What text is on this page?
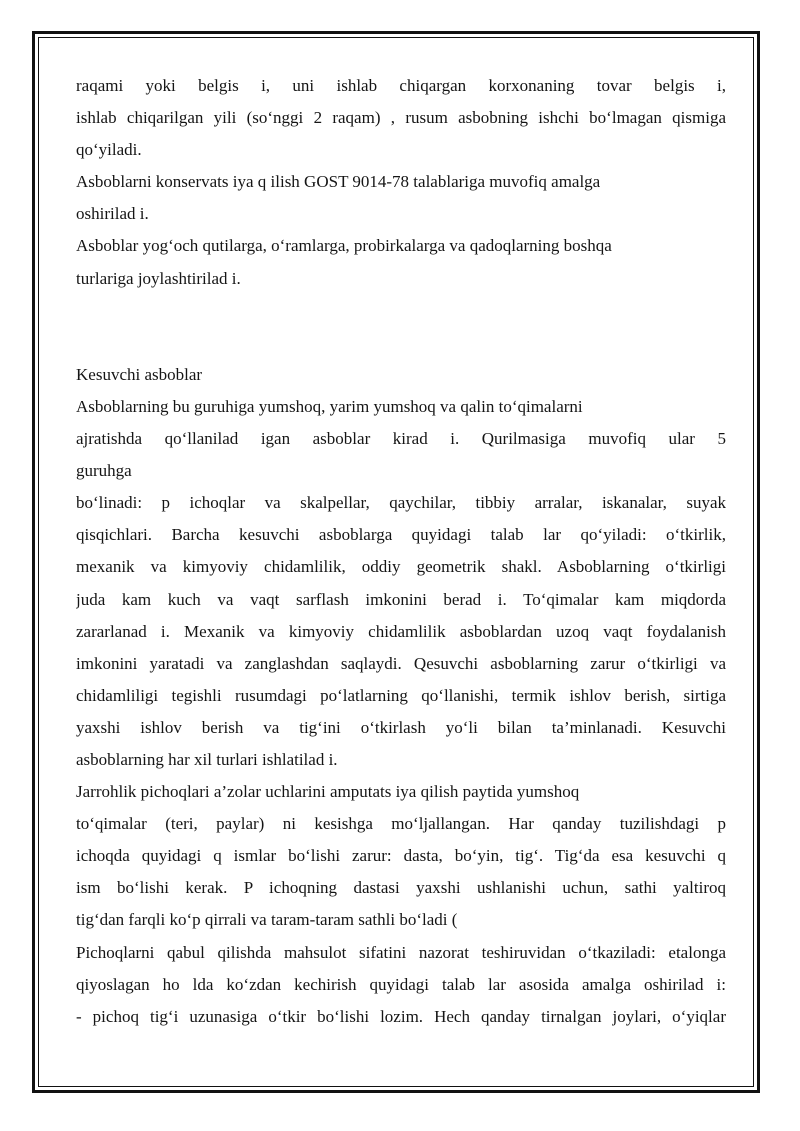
raqami yoki belgis i, uni ishlab chiqargan korxonaning tovar belgis i,
ishlab chiqarilgan yili (so‘nggi 2 raqam) , rusum asbobning ishchi bo‘lmagan qismiga
qo‘yiladi.
Asboblarni konservats iya q ilish GOST 9014-78 talablariga muvofiq amalga
oshirilad i.
Asboblar yog‘och qutilarga, o‘ramlarga, probirkalarga va qadoqlarning boshqa
turlariga joylashtirilad i.
Kesuvchi asboblar
Asboblarning bu guruhiga yumshoq, yarim yumshoq va qalin to‘qimalarni
ajratishda qo‘llanilad igan asboblar kirad i. Qurilmasiga muvofiq ular 5
guruhga
bo‘linadi: p ichoqlar va skalpellar, qaychilar, tibbiy arralar, iskanalar, suyak
qisqichlari. Barcha kesuvchi asboblarga quyidagi talab lar qo‘yiladi: o‘tkirlik,
mexanik va kimyoviy chidamlilik, oddiy geometrik shakl. Asboblarning o‘tkirligi
juda kam kuch va vaqt sarflash imkonini berad i. To‘qimalar kam miqdorda
zararlanad i. Mexanik va kimyoviy chidamlilik asboblardan uzoq vaqt foydalanish
imkonini yaratadi va zanglashdan saqlaydi. Qesuvchi asboblarning zarur o‘tkirligi va
chidamliligi tegishli rusumdagi po‘latlarning qo‘llanishi, termik ishlov berish, sirtiga
yaxshi ishlov berish va tig‘ini o‘tkirlash yo‘li bilan ta’minlanadi. Kesuvchi
asboblarning har xil turlari ishlatilad i.
Jarrohlik pichoqlari a’zolar uchlarini amputats iya qilish paytida yumshoq
to‘qimalar (teri, paylar) ni kesishga mo‘ljallangan. Har qanday tuzilishdagi p
ichoqda quyidagi q ismlar bo‘lishi zarur: dasta, bo‘yin, tig‘. Tig‘da esa kesuvchi q
ism bo‘lishi kerak. P ichoqning dastasi yaxshi ushlanishi uchun, sathi yaltiroq
tig‘dan farqli ko‘p qirrali va taram-taram sathli bo‘ladi (
Pichoqlarni qabul qilishda mahsulot sifatini nazorat teshiruvidan o‘tkaziladi: etalonga
qiyoslagan ho lda ko‘zdan kechirish quyidagi talab lar asosida amalga oshirilad i:
- pichoq tig‘i uzunasiga o‘tkir bo‘lishi lozim. Hech qanday tirnalgan joylari, o‘yiqlar
